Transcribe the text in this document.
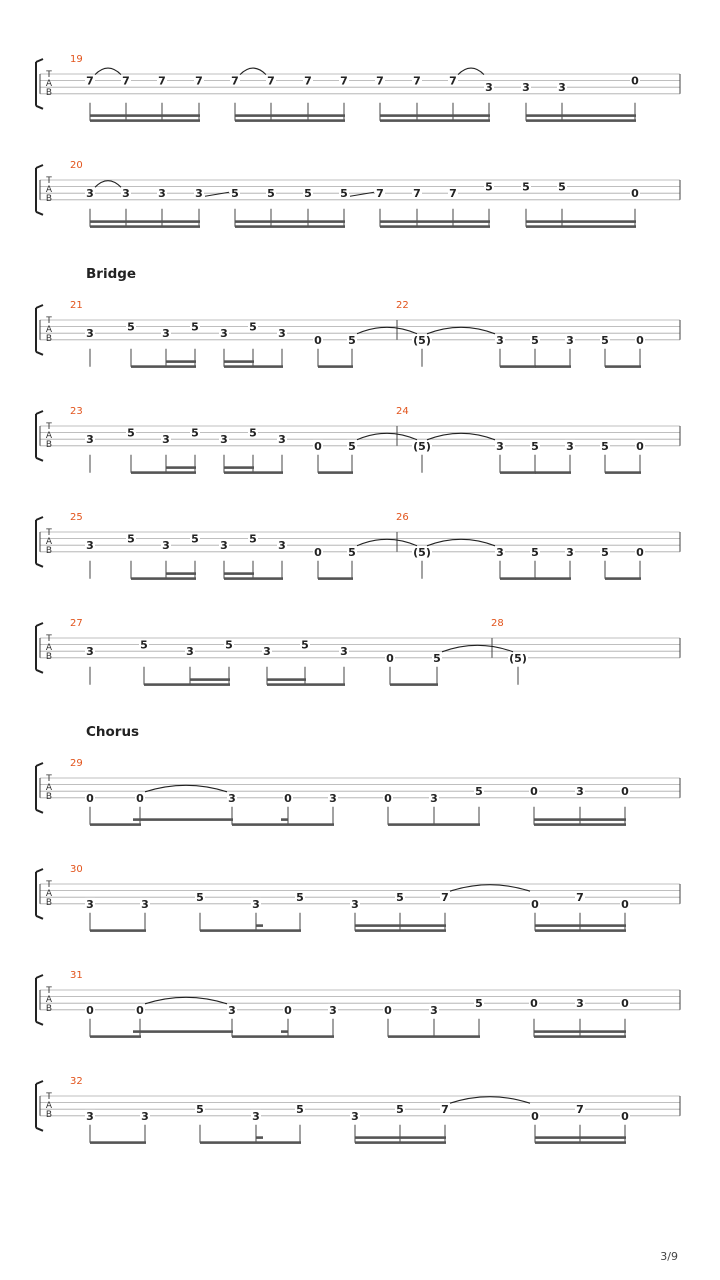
Bridge
Chorus
T
A
B
19
7	7	7	7	7	7	7	7	7	7	7
3	3	3
0
T
A
B
20
3	3	3	3	5	5	5	5	7	7	7
5	5	5
0
T
A
B
21	22
3
5
3
5
3
5
3
0 5	(5)	3 5 3 5 0
T
A
B
23	24
3
5
3
5
3
5
3
0 5	(5)	3 5 3 5 0
T
A
B
25	26
3
5
3
5
3
5
3
0 5	(5)	3 5 3 5 0
T
A
B
27	28
3
5
3
5
3
5
3
0	5	(5)
T
A
B
29
0	0	3	0	3	0	3
5	0	3	0
T
A
B
30
3	3
5
3
5
3
5	7
0
7
0
T
A
B
31
0	0	3	0	3	0	3
5	0	3	0
T
A
B
32
3	3
5
3
5
3
5	7
0
7
0
3/9
